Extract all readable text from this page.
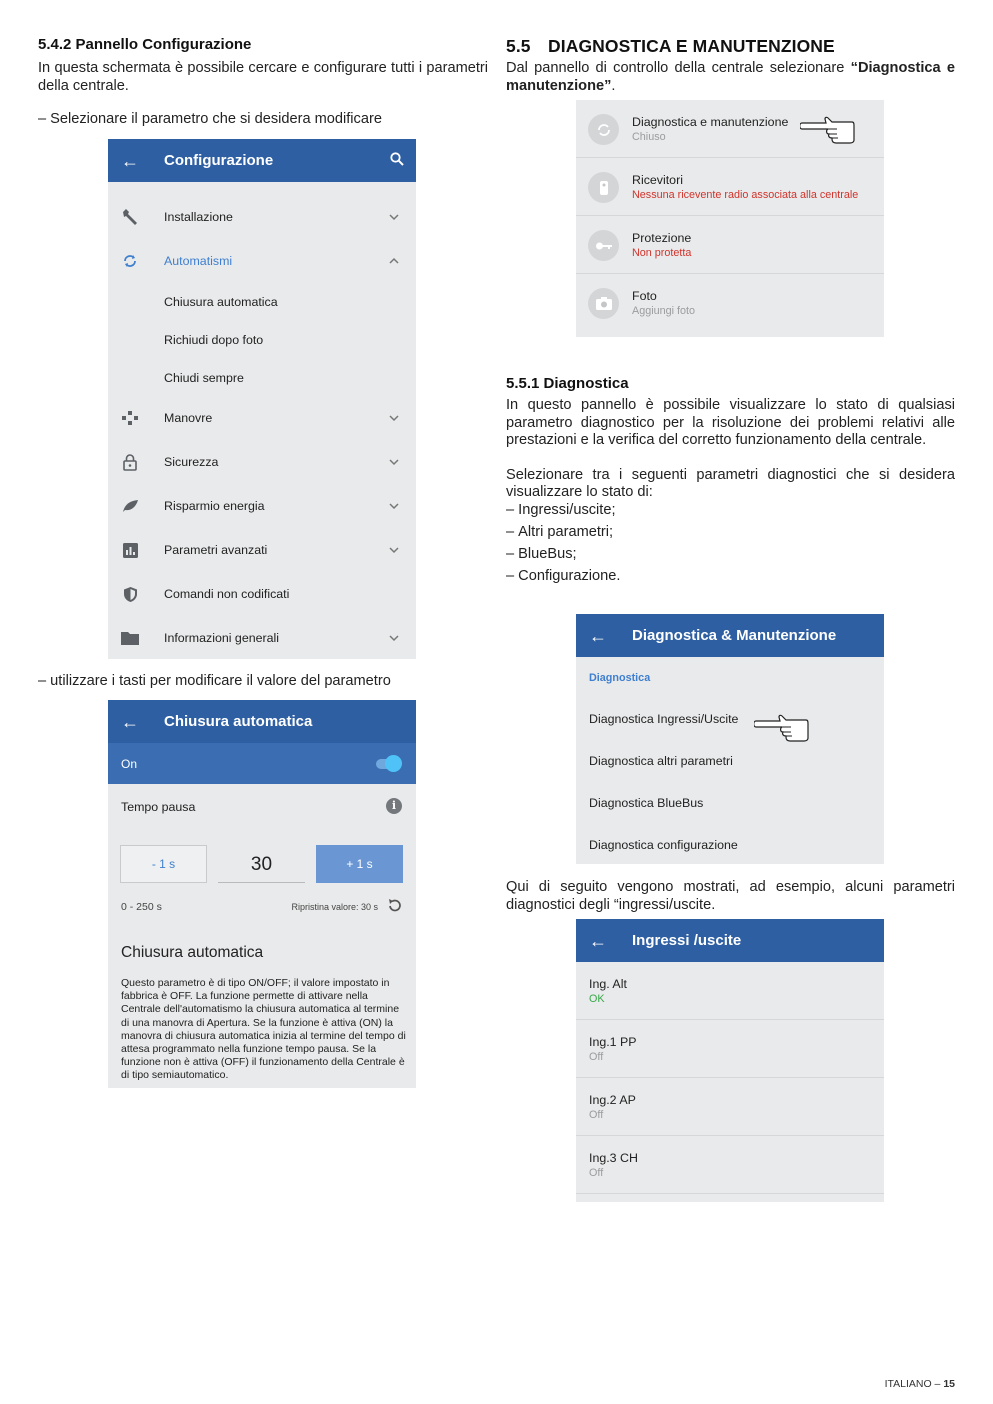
5.4.2 Pannello Configurazione

In questa schermata è possibile cercare e configurare tutti i parametri della centrale.

– Selezionare il parametro che si desidera modificare
– utilizzare i tasti per modificare il valore del parametro
← Configurazione
Installazione
Automatismi
Chiusura automatica
Richiudi dopo foto
Chiudi sempre
Manovre
Sicurezza
Risparmio energia
Parametri avanzati
Comandi non codificati
Informazioni generali
← Chiusura automatica
On
Tempo pausa	i
- 1 s	30	+ 1 s
0 - 250 s	Ripristina valore: 30 s
Chiusura automatica

Questo parametro è di tipo ON/OFF; il valore impostato in fabbrica è OFF. La funzione permette di attivare nella Centrale dell'automatismo la chiusura automatica al termine di una manovra di Apertura. Se la funzione è attiva (ON) la manovra di chiusura automatica inizia al termine del tempo di attesa programmato nella funzione tempo pausa. Se la funzione non è attiva (OFF) il funzionamento della Centrale è di tipo semiautomatico.

5.5 DIAGNOSTICA E MANUTENZIONE

Dal pannello di controllo della centrale selezionare “Diagnostica e manutenzione”.

Diagnostica e manutenzione
Chiuso
Ricevitori
Nessuna ricevente radio associata alla centrale
Protezione
Non protetta
Foto
Aggiungi foto
5.5.1 Diagnostica

In questo pannello è possibile visualizzare lo stato di qualsiasi parametro diagnostico per la risoluzione dei problemi relativi alle prestazioni e la verifica del corretto funzionamento della centrale.

Selezionare tra i seguenti parametri diagnostici che si desidera visualizzare lo stato di:

– Ingressi/uscite;
– Altri parametri;
– BlueBus;
– Configurazione.
← Diagnostica & Manutenzione
Diagnostica
Diagnostica Ingressi/Uscite
Diagnostica altri parametri
Diagnostica BlueBus
Diagnostica configurazione

Qui di seguito vengono mostrati, ad esempio, alcuni parametri diagnostici degli “ingressi/uscite.

← Ingressi /uscite
Ing. Alt
OK
Ing.1 PP
Off
Ing.2 AP
Off
Ing.3 CH
Off
ITALIANO – 15
